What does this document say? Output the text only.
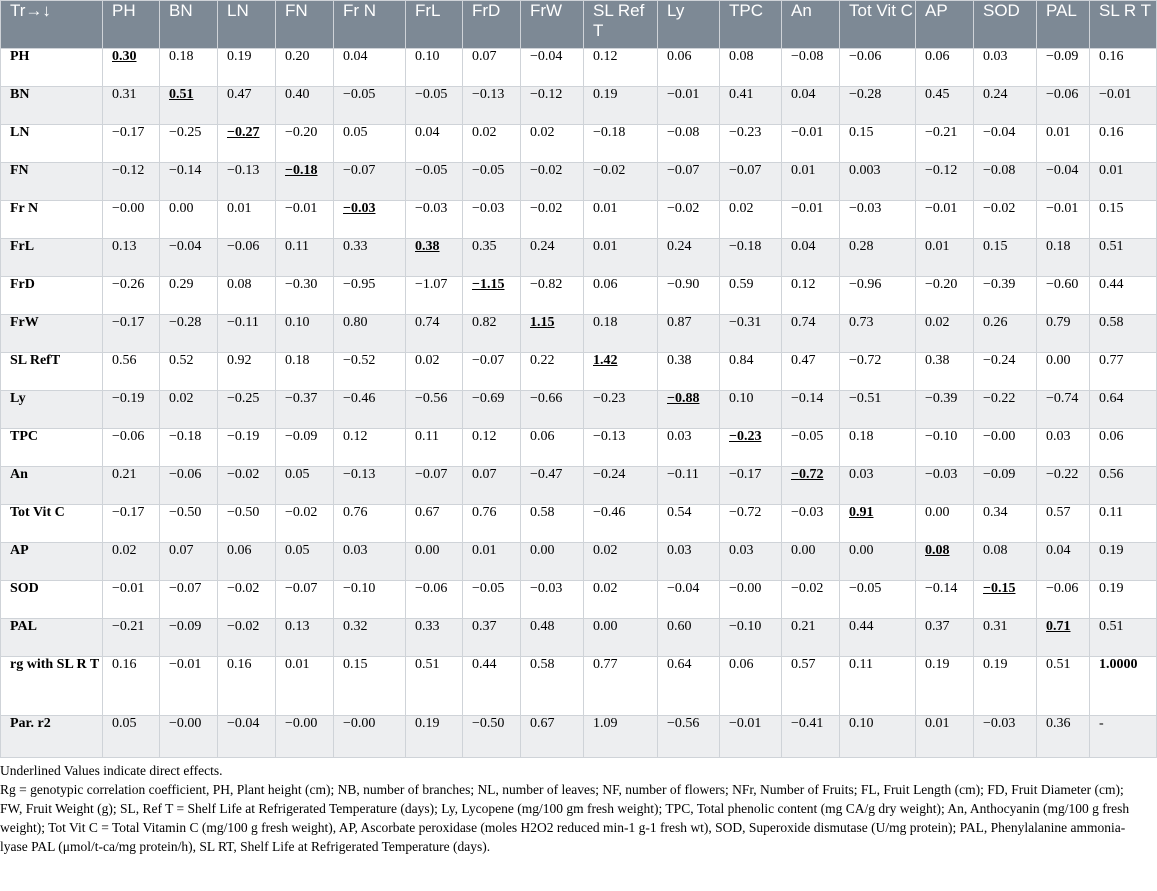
Tr→↓	PH	BN	LN	FN	Fr N	FrL	FrD	FrW	SL Ref T	Ly	TPC	An	Tot Vit C	AP	SOD	PAL	SL R T
PH	0.30	0.18	0.19	0.20	0.04	0.10	0.07	−0.04	0.12	0.06	0.08	−0.08	−0.06	0.06	0.03	−0.09	0.16
BN	0.31	0.51	0.47	0.40	−0.05	−0.05	−0.13	−0.12	0.19	−0.01	0.41	0.04	−0.28	0.45	0.24	−0.06	−0.01
LN	−0.17	−0.25	−0.27	−0.20	0.05	0.04	0.02	0.02	−0.18	−0.08	−0.23	−0.01	0.15	−0.21	−0.04	0.01	0.16
FN	−0.12	−0.14	−0.13	−0.18	−0.07	−0.05	−0.05	−0.02	−0.02	−0.07	−0.07	0.01	0.003	−0.12	−0.08	−0.04	0.01
Fr N	−0.00	0.00	0.01	−0.01	−0.03	−0.03	−0.03	−0.02	0.01	−0.02	0.02	−0.01	−0.03	−0.01	−0.02	−0.01	0.15
FrL	0.13	−0.04	−0.06	0.11	0.33	0.38	0.35	0.24	0.01	0.24	−0.18	0.04	0.28	0.01	0.15	0.18	0.51
FrD	−0.26	0.29	0.08	−0.30	−0.95	−1.07	−1.15	−0.82	0.06	−0.90	0.59	0.12	−0.96	−0.20	−0.39	−0.60	0.44
FrW	−0.17	−0.28	−0.11	0.10	0.80	0.74	0.82	1.15	0.18	0.87	−0.31	0.74	0.73	0.02	0.26	0.79	0.58
SL RefT	0.56	0.52	0.92	0.18	−0.52	0.02	−0.07	0.22	1.42	0.38	0.84	0.47	−0.72	0.38	−0.24	0.00	0.77
Ly	−0.19	0.02	−0.25	−0.37	−0.46	−0.56	−0.69	−0.66	−0.23	−0.88	0.10	−0.14	−0.51	−0.39	−0.22	−0.74	0.64
TPC	−0.06	−0.18	−0.19	−0.09	0.12	0.11	0.12	0.06	−0.13	0.03	−0.23	−0.05	0.18	−0.10	−0.00	0.03	0.06
An	0.21	−0.06	−0.02	0.05	−0.13	−0.07	0.07	−0.47	−0.24	−0.11	−0.17	−0.72	0.03	−0.03	−0.09	−0.22	0.56
Tot Vit C	−0.17	−0.50	−0.50	−0.02	0.76	0.67	0.76	0.58	−0.46	0.54	−0.72	−0.03	0.91	0.00	0.34	0.57	0.11
AP	0.02	0.07	0.06	0.05	0.03	0.00	0.01	0.00	0.02	0.03	0.03	0.00	0.00	0.08	0.08	0.04	0.19
SOD	−0.01	−0.07	−0.02	−0.07	−0.10	−0.06	−0.05	−0.03	0.02	−0.04	−0.00	−0.02	−0.05	−0.14	−0.15	−0.06	0.19
PAL	−0.21	−0.09	−0.02	0.13	0.32	0.33	0.37	0.48	0.00	0.60	−0.10	0.21	0.44	0.37	0.31	0.71	0.51
rg with SL R T	0.16	−0.01	0.16	0.01	0.15	0.51	0.44	0.58	0.77	0.64	0.06	0.57	0.11	0.19	0.19	0.51	1.0000
Par. r2	0.05	−0.00	−0.04	−0.00	−0.00	0.19	−0.50	0.67	1.09	−0.56	−0.01	−0.41	0.10	0.01	−0.03	0.36	-

Underlined Values indicate direct effects.

Rg = genotypic correlation coefficient, PH, Plant height (cm); NB, number of branches; NL, number of leaves; NF, number of flowers; NFr, Number of Fruits; FL, Fruit Length (cm); FD, Fruit Diameter (cm); FW, Fruit Weight (g); SL, Ref T = Shelf Life at Refrigerated Temperature (days); Ly, Lycopene (mg/100 gm fresh weight); TPC, Total phenolic content (mg CA/g dry weight); An, Anthocyanin (mg/100 g fresh weight); Tot Vit C = Total Vitamin C (mg/100 g fresh weight), AP, Ascorbate peroxidase (moles H2O2 reduced min-1 g-1 fresh wt), SOD, Superoxide dismutase (U/mg protein); PAL, Phenylalanine ammonia-lyase PAL (μmol/t-ca/mg protein/h), SL RT, Shelf Life at Refrigerated Temperature (days).
